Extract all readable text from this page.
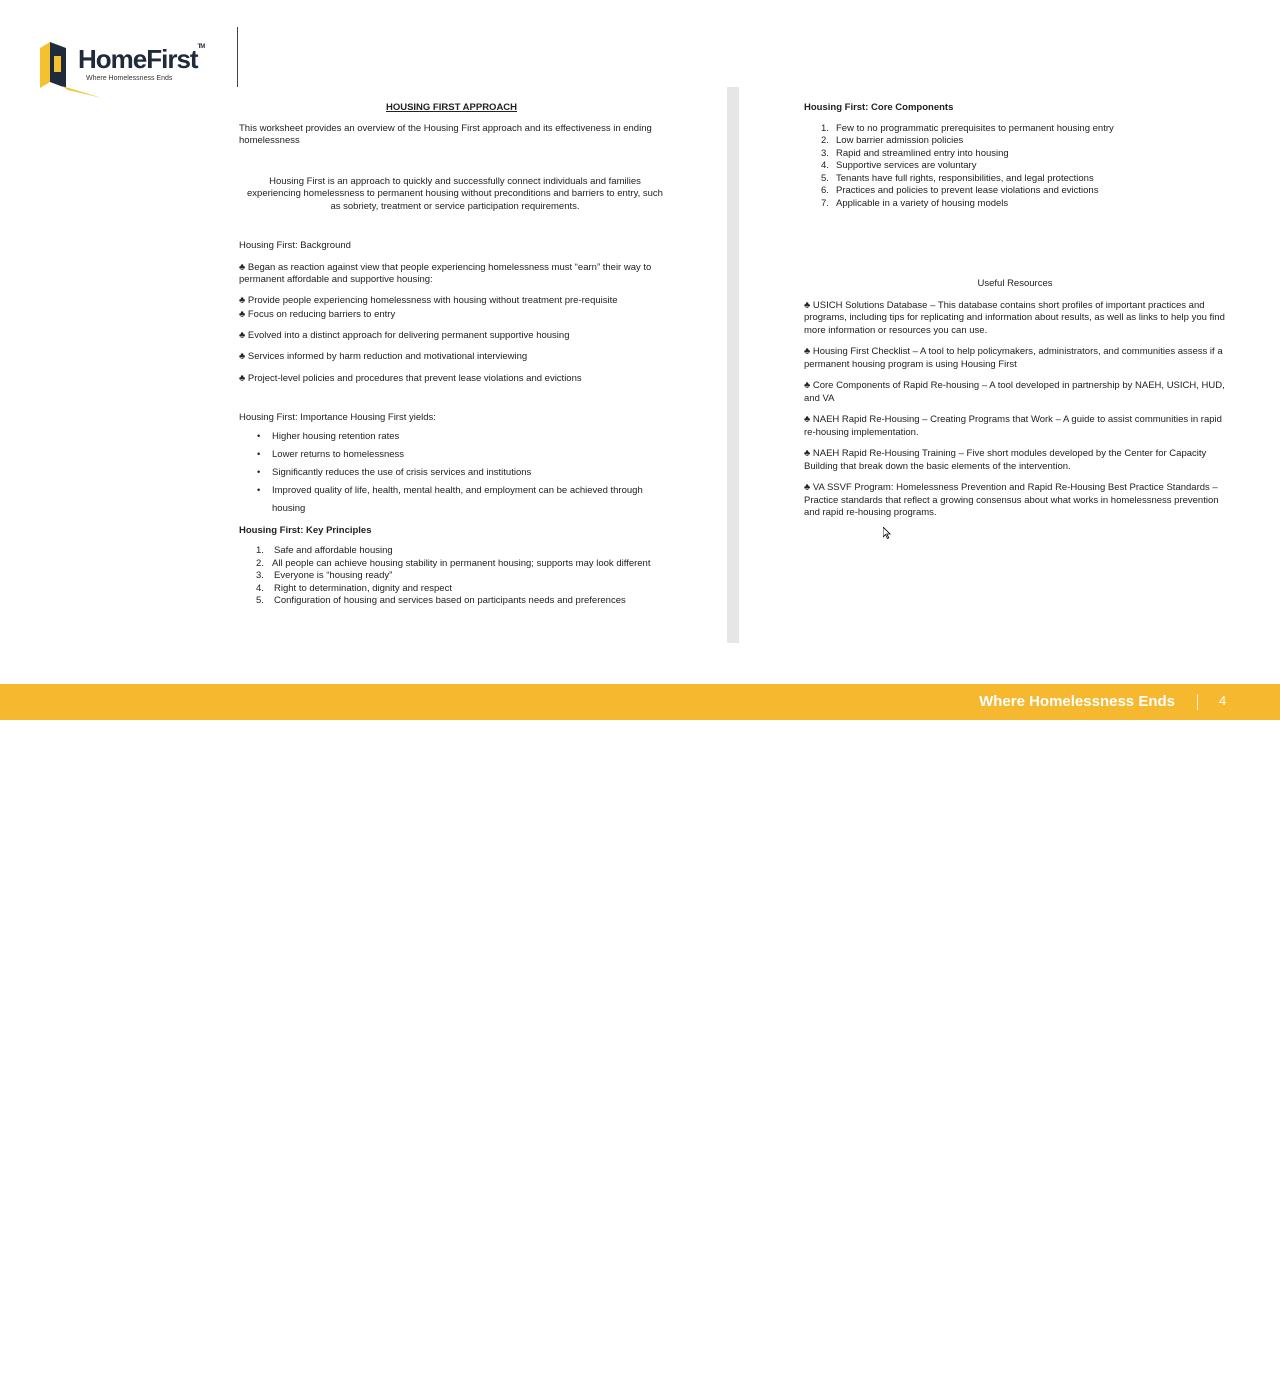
HomeFirst™
Where Homelessness Ends

HOUSING FIRST APPROACH

This worksheet provides an overview of the Housing First approach and its effectiveness in ending homelessness

Housing First is an approach to quickly and successfully connect individuals and families experiencing homelessness to permanent housing without preconditions and barriers to entry, such as sobriety, treatment or service participation requirements.

Housing First: Background

♣ Began as reaction against view that people experiencing homelessness must “earn” their way to permanent affordable and supportive housing:

♣ Provide people experiencing homelessness with housing without treatment pre-requisite

♣ Focus on reducing barriers to entry

♣ Evolved into a distinct approach for delivering permanent supportive housing

♣ Services informed by harm reduction and motivational interviewing

♣ Project-level policies and procedures that prevent lease violations and evictions

Housing First: Importance Housing First yields:

• Higher housing retention rates
• Lower returns to homelessness
• Significantly reduces the use of crisis services and institutions
• Improved quality of life, health, mental health, and employment can be achieved through housing

Housing First: Key Principles

1. Safe and affordable housing
2. All people can achieve housing stability in permanent housing; supports may look different
3. Everyone is “housing ready”
4. Right to determination, dignity and respect
5. Configuration of housing and services based on participants needs and preferences

Housing First: Core Components

1. Few to no programmatic prerequisites to permanent housing entry
2. Low barrier admission policies
3. Rapid and streamlined entry into housing
4. Supportive services are voluntary
5. Tenants have full rights, responsibilities, and legal protections
6. Practices and policies to prevent lease violations and evictions
7. Applicable in a variety of housing models

Useful Resources

♣ USICH Solutions Database – This database contains short profiles of important practices and programs, including tips for replicating and information about results, as well as links to help you find more information or resources you can use.

♣ Housing First Checklist – A tool to help policymakers, administrators, and communities assess if a permanent housing program is using Housing First

♣ Core Components of Rapid Re-housing – A tool developed in partnership by NAEH, USICH, HUD, and VA

♣ NAEH Rapid Re-Housing – Creating Programs that Work – A guide to assist communities in rapid re-housing implementation.

♣ NAEH Rapid Re-Housing Training – Five short modules developed by the Center for Capacity Building that break down the basic elements of the intervention.

♣ VA SSVF Program: Homelessness Prevention and Rapid Re-Housing Best Practice Standards – Practice standards that reflect a growing consensus about what works in homelessness prevention and rapid re-housing programs.

◂▸✎▭⌕⋯
Where Homelessness Ends	4
